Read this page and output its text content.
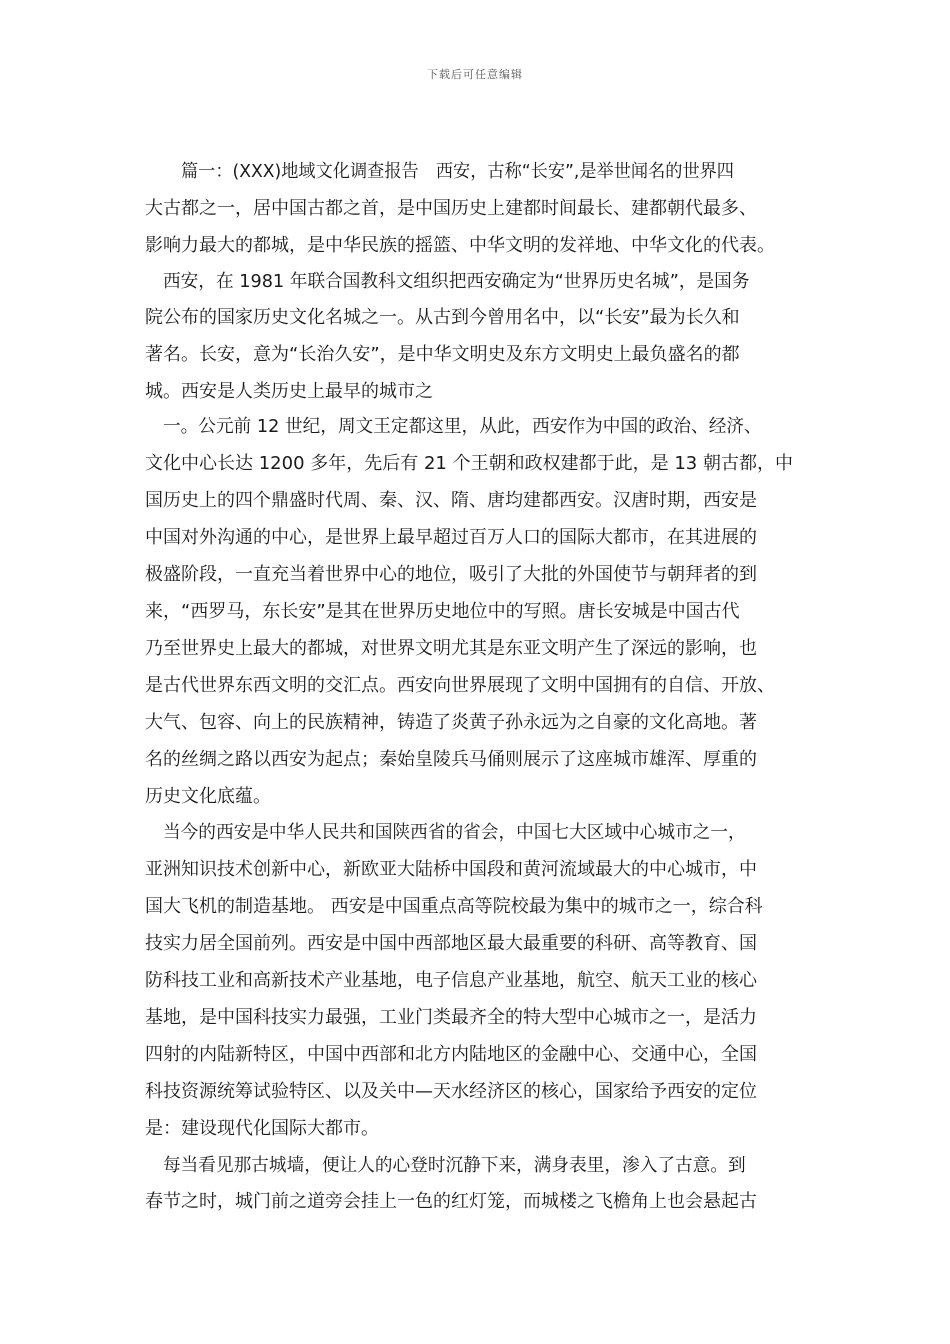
下载后可任意编辑
篇一：(XXX)地域文化调查报告　西安，古称“长安”,是举世闻名的世界四
大古都之一，居中国古都之首，是中国历史上建都时间最长、建都朝代最多、
影响力最大的都城，是中华民族的摇篮、中华文明的发祥地、中华文化的代表。
西安，在 1981 年联合国教科文组织把西安确定为“世界历史名城”，是国务
院公布的国家历史文化名城之一。从古到今曾用名中，以“长安”最为长久和
著名。长安，意为“长治久安”，是中华文明史及东方文明史上最负盛名的都
城。西安是人类历史上最早的城市之
一。公元前 12 世纪，周文王定都这里，从此，西安作为中国的政治、经济、
文化中心长达 1200 多年，先后有 21 个王朝和政权建都于此，是 13 朝古都，中
国历史上的四个鼎盛时代周、秦、汉、隋、唐均建都西安。汉唐时期，西安是
中国对外沟通的中心，是世界上最早超过百万人口的国际大都市，在其进展的
极盛阶段，一直充当着世界中心的地位，吸引了大批的外国使节与朝拜者的到
来，“西罗马，东长安”是其在世界历史地位中的写照。唐长安城是中国古代
乃至世界史上最大的都城，对世界文明尤其是东亚文明产生了深远的影响，也
是古代世界东西文明的交汇点。西安向世界展现了文明中国拥有的自信、开放、
大气、包容、向上的民族精神，铸造了炎黄子孙永远为之自豪的文化高地。著
名的丝绸之路以西安为起点；秦始皇陵兵马俑则展示了这座城市雄浑、厚重的
历史文化底蕴。
当今的西安是中华人民共和国陕西省的省会，中国七大区域中心城市之一，
亚洲知识技术创新中心，新欧亚大陆桥中国段和黄河流域最大的中心城市，中
国大飞机的制造基地。 西安是中国重点高等院校最为集中的城市之一，综合科
技实力居全国前列。西安是中国中西部地区最大最重要的科研、高等教育、国
防科技工业和高新技术产业基地，电子信息产业基地，航空、航天工业的核心
基地，是中国科技实力最强，工业门类最齐全的特大型中心城市之一，是活力
四射的内陆新特区，中国中西部和北方内陆地区的金融中心、交通中心，全国
科技资源统筹试验特区、以及关中—天水经济区的核心，国家给予西安的定位
是：建设现代化国际大都市。
每当看见那古城墙，便让人的心登时沉静下来，满身表里，渗入了古意。到
春节之时，城门前之道旁会挂上一色的红灯笼，而城楼之飞檐角上也会悬起古
